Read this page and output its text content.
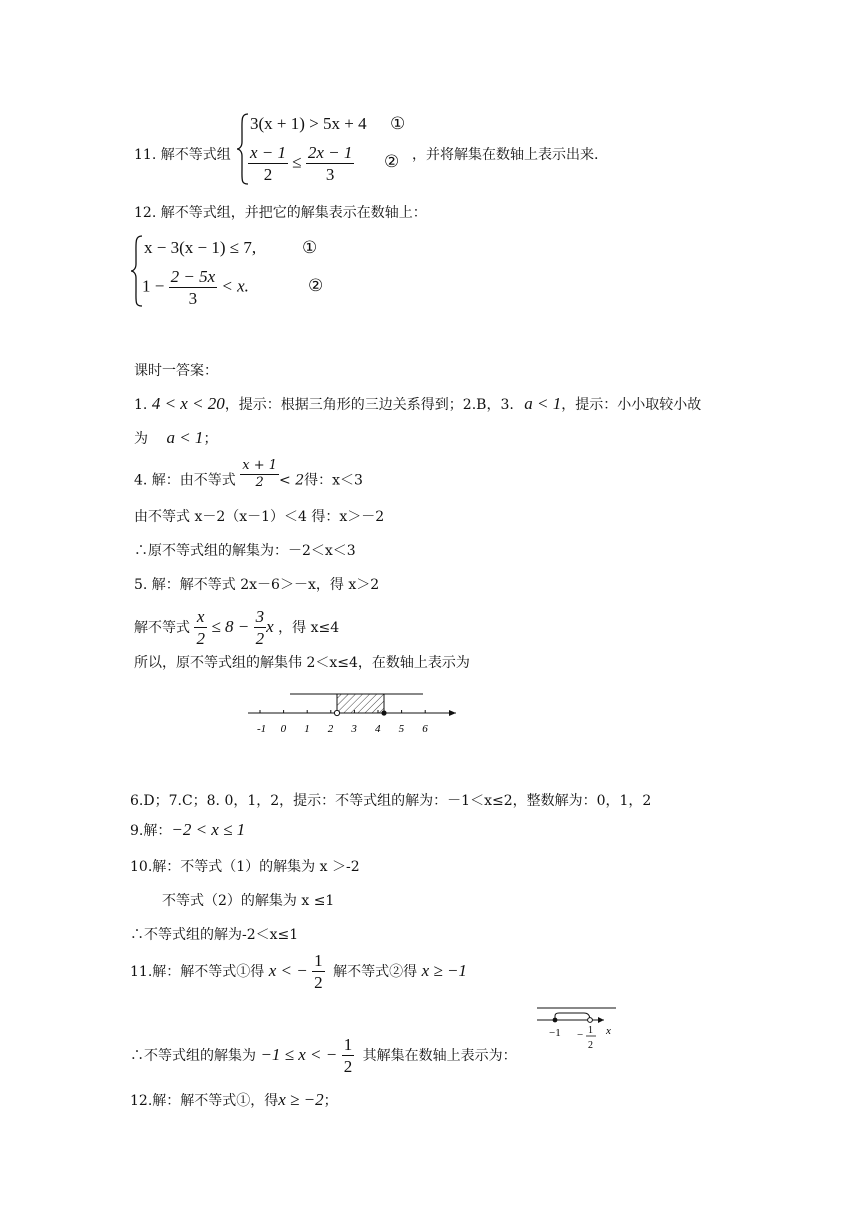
11. 解不等式组
3(x + 1) > 5x + 4 ①
$\frac{x - 1}{2} \le \frac{2x - 1}{3}$ ② ，并将解集在数轴上表示出来.
12. 解不等式组，并把它的解集表示在数轴上：
x − 3(x − 1) ≤ 7,	①
$1 - \frac{2 - 5x}{3} < x$.	②
课时一答案：
1. 4 < x < 20，提示：根据三角形的三边关系得到；2.B，3. a < 1，提示：小小取较小故
为 a < 1；
4. 解：由不等式 $\frac{x + 1}{2} < 2$得：x＜3
由不等式 x－2（x－1）＜4 得：x＞－2
∴原不等式组的解集为：－2＜x＜3
5. 解：解不等式 2x－6＞－x，得 x＞2
解不等式 $\frac{x}{2} \le 8 - \frac{3}{2}$ x ，得 x≤4
所以，原不等式组的解集伟 2＜x≤4，在数轴上表示为
-1 0 1 2 3 4 5 6
6.D；7.C；8. 0，1，2，提示：不等式组的解为：－1＜x≤2，整数解为：0，1，2
9.解：−2 < x ≤ 1
10.解：不等式（1）的解集为 x ＞-2
不等式（2）的解集为 x ≤1
∴不等式组的解为-2＜x≤1
11.解：解不等式①得 x < − $\frac{1}{2}$ 解不等式②得 x ≥ −1
−1 − 1
2
x
∴不等式组的解集为 −1 ≤ x < − $\frac{1}{2}$ 其解集在数轴上表示为：
12.解：解不等式①，得x ≥ −2；
